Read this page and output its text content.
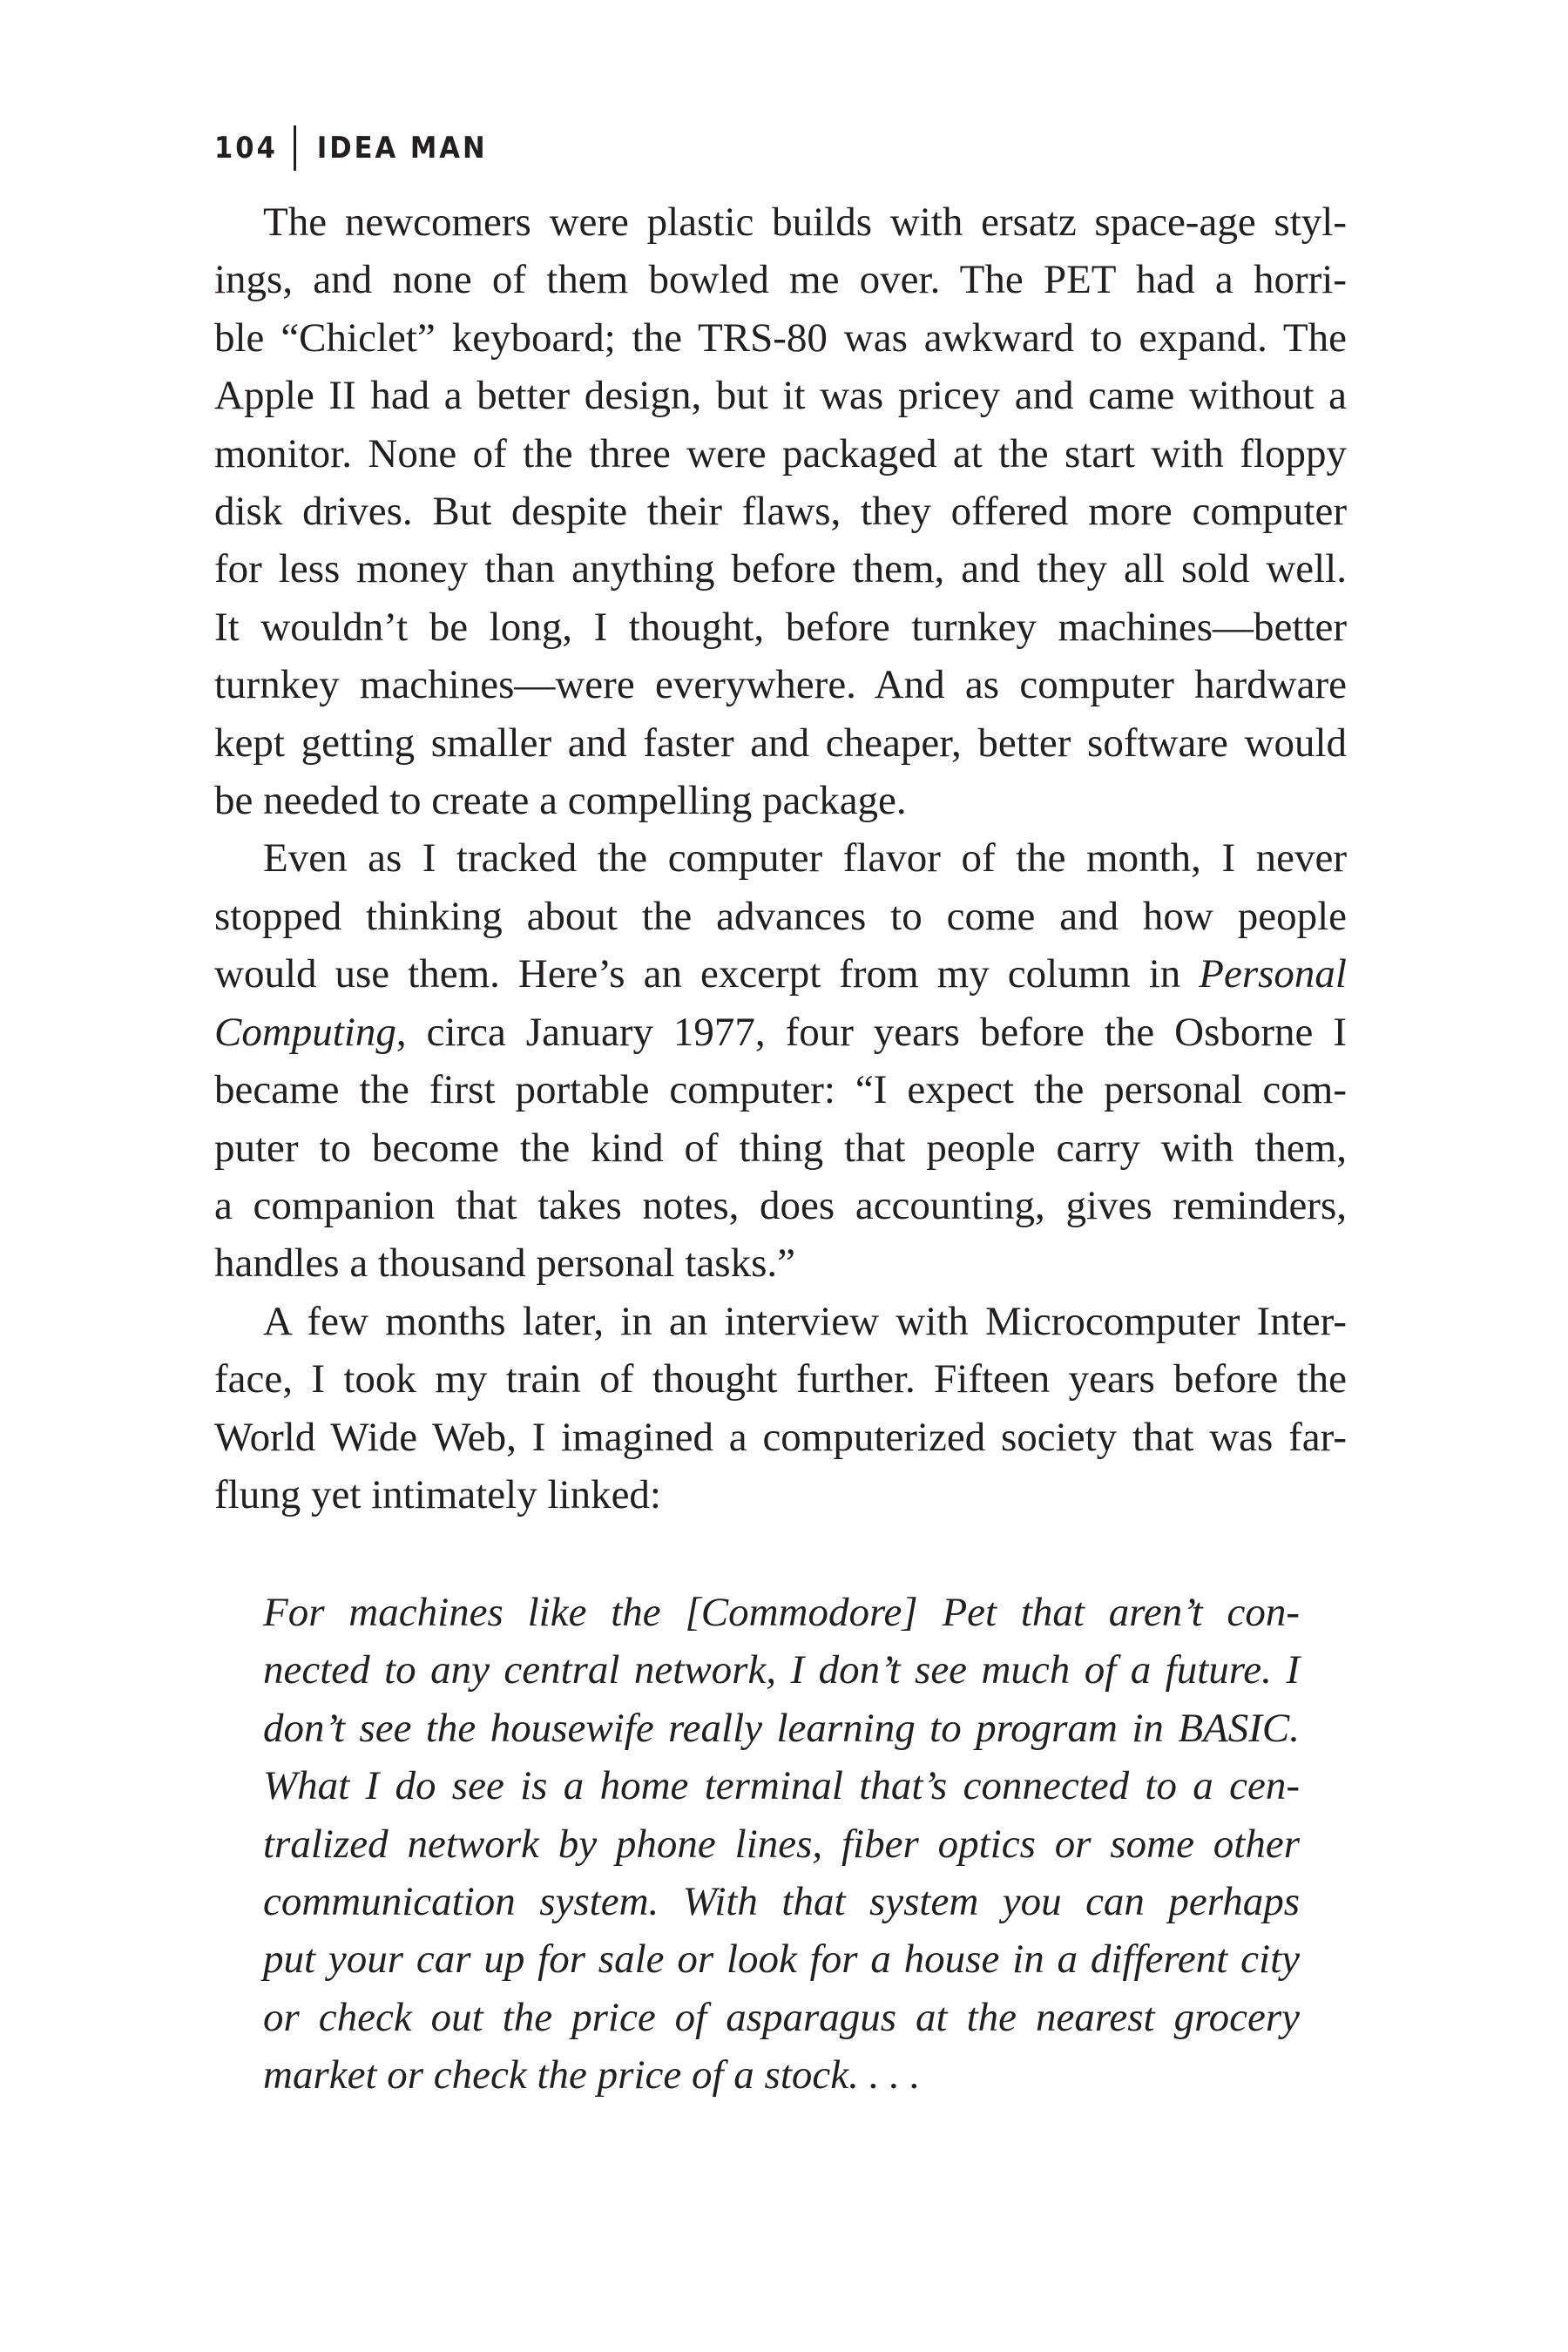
104 IDEA MAN

The newcomers were plastic builds with ersatz space-age styl-
ings, and none of them bowled me over. The PET had a horri-
ble “Chiclet” keyboard; the TRS-80 was awkward to expand. The
Apple II had a better design, but it was pricey and came without a
monitor. None of the three were packaged at the start with floppy
disk drives. But despite their flaws, they offered more computer
for less money than anything before them, and they all sold well.
It wouldn’t be long, I thought, before turnkey machines—better
turnkey machines—were everywhere. And as computer hardware
kept getting smaller and faster and cheaper, better software would
be needed to create a compelling package.

Even as I tracked the computer flavor of the month, I never
stopped thinking about the advances to come and how people
would use them. Here’s an excerpt from my column in Personal
Computing, circa January 1977, four years before the Osborne I
became the first portable computer: “I expect the personal com-
puter to become the kind of thing that people carry with them,
a companion that takes notes, does accounting, gives reminders,
handles a thousand personal tasks.”

A few months later, in an interview with Microcomputer Inter-
face, I took my train of thought further. Fifteen years before the
World Wide Web, I imagined a computerized society that was far-
flung yet intimately linked:

For machines like the [Commodore] Pet that aren’t con-
nected to any central network, I don’t see much of a future. I
don’t see the housewife really learning to program in BASIC.
What I do see is a home terminal that’s connected to a cen-
tralized network by phone lines, fiber optics or some other
communication system. With that system you can perhaps
put your car up for sale or look for a house in a different city
or check out the price of asparagus at the nearest grocery
market or check the price of a stock. . . .
